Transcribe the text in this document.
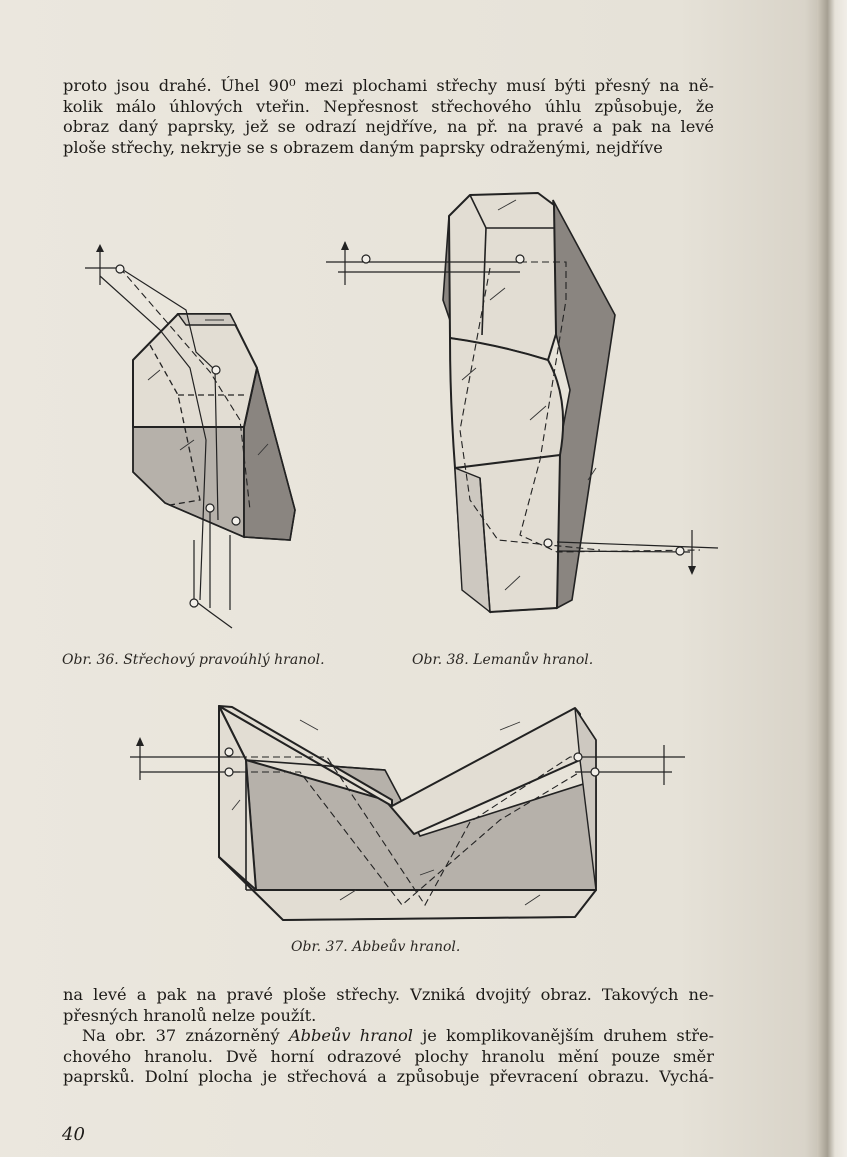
proto jsou drahé. Úhel 90⁰ mezi plochami střechy musí býti přesný na ně-
kolik málo úhlových vteřin. Nepřesnost střechového úhlu způsobuje, že
obraz daný paprsky, jež se odrazí nejdříve, na př. na pravé a pak na levé
ploše střechy, nekryje se s obrazem daným paprsky odraženými, nejdříve
Obr. 36. Střechový pravoúhlý hranol.	Obr. 38. Lemanův hranol.
Obr. 37. Abbeův hranol.
na levé a pak na pravé ploše střechy. Vzniká dvojitý obraz. Takových ne-
přesných hranolů nelze použít.
Na obr. 37 znázorněný Abbeův hranol je komplikovanějším druhem stře-
chového hranolu. Dvě horní odrazové plochy hranolu mění pouze směr
paprsků. Dolní plocha je střechová a způsobuje převracení obrazu. Vychá-
40
